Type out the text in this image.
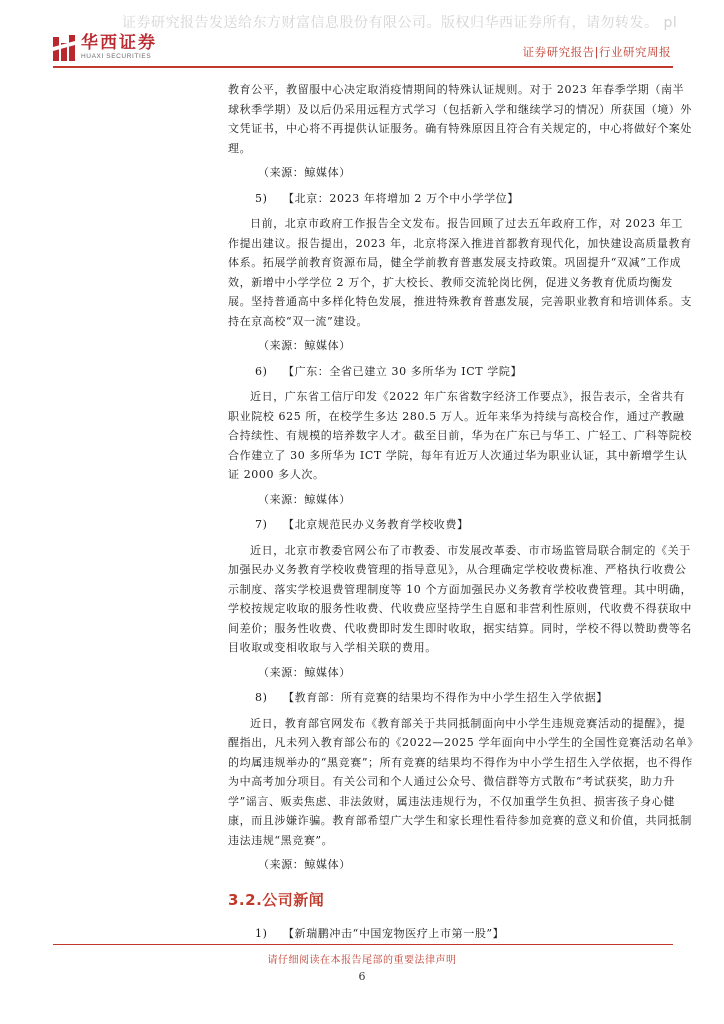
证券研究报告发送给东方财富信息股份有限公司。版权归华西证券所有，请勿转发。 pl
华西证券
HUAXI SECURITIES	证券研究报告|行业研究周报

教育公平，教留服中心决定取消疫情期间的特殊认证规则。对于 2023 年春季学期（南半球秋季学期）及以后仍采用远程方式学习（包括新入学和继续学习的情况）所获国（境）外文凭证书，中心将不再提供认证服务。确有特殊原因且符合有关规定的，中心将做好个案处理。

（来源：鲸媒体）

5) 【北京：2023 年将增加 2 万个中小学学位】

日前，北京市政府工作报告全文发布。报告回顾了过去五年政府工作，对 2023 年工作提出建议。报告提出，2023 年，北京将深入推进首都教育现代化，加快建设高质量教育体系。拓展学前教育资源布局，健全学前教育普惠发展支持政策。巩固提升“双减”工作成效，新增中小学学位 2 万个，扩大校长、教师交流轮岗比例，促进义务教育优质均衡发展。坚持普通高中多样化特色发展，推进特殊教育普惠发展，完善职业教育和培训体系。支持在京高校“双一流”建设。

（来源：鲸媒体）

6) 【广东：全省已建立 30 多所华为 ICT 学院】

近日，广东省工信厅印发《2022 年广东省数字经济工作要点》，报告表示，全省共有职业院校 625 所，在校学生多达 280.5 万人。近年来华为持续与高校合作，通过产教融合持续性、有规模的培养数字人才。截至目前，华为在广东已与华工、广轻工、广科等院校合作建立了 30 多所华为 ICT 学院，每年有近万人次通过华为职业认证，其中新增学生认证 2000 多人次。

（来源：鲸媒体）

7) 【北京规范民办义务教育学校收费】

近日，北京市教委官网公布了市教委、市发展改革委、市市场监管局联合制定的《关于加强民办义务教育学校收费管理的指导意见》，从合理确定学校收费标准、严格执行收费公示制度、落实学校退费管理制度等 10 个方面加强民办义务教育学校收费管理。其中明确，学校按规定收取的服务性收费、代收费应坚持学生自愿和非营利性原则，代收费不得获取中间差价；服务性收费、代收费即时发生即时收取，据实结算。同时，学校不得以赞助费等名目收取或变相收取与入学相关联的费用。

（来源：鲸媒体）

8) 【教育部：所有竞赛的结果均不得作为中小学生招生入学依据】

近日，教育部官网发布《教育部关于共同抵制面向中小学生违规竞赛活动的提醒》，提醒指出，凡未列入教育部公布的《2022—2025 学年面向中小学生的全国性竞赛活动名单》的均属违规举办的“黑竞赛”；所有竞赛的结果均不得作为中小学生招生入学依据，也不得作为中高考加分项目。有关公司和个人通过公众号、微信群等方式散布“考试获奖，助力升学”谣言、贩卖焦虑、非法敛财，属违法违规行为，不仅加重学生负担、损害孩子身心健康，而且涉嫌诈骗。教育部希望广大学生和家长理性看待参加竞赛的意义和价值，共同抵制违法违规“黑竞赛”。

（来源：鲸媒体）

3.2.公司新闻

1) 【新瑞鹏冲击“中国宠物医疗上市第一股”】

请仔细阅读在本报告尾部的重要法律声明
6
